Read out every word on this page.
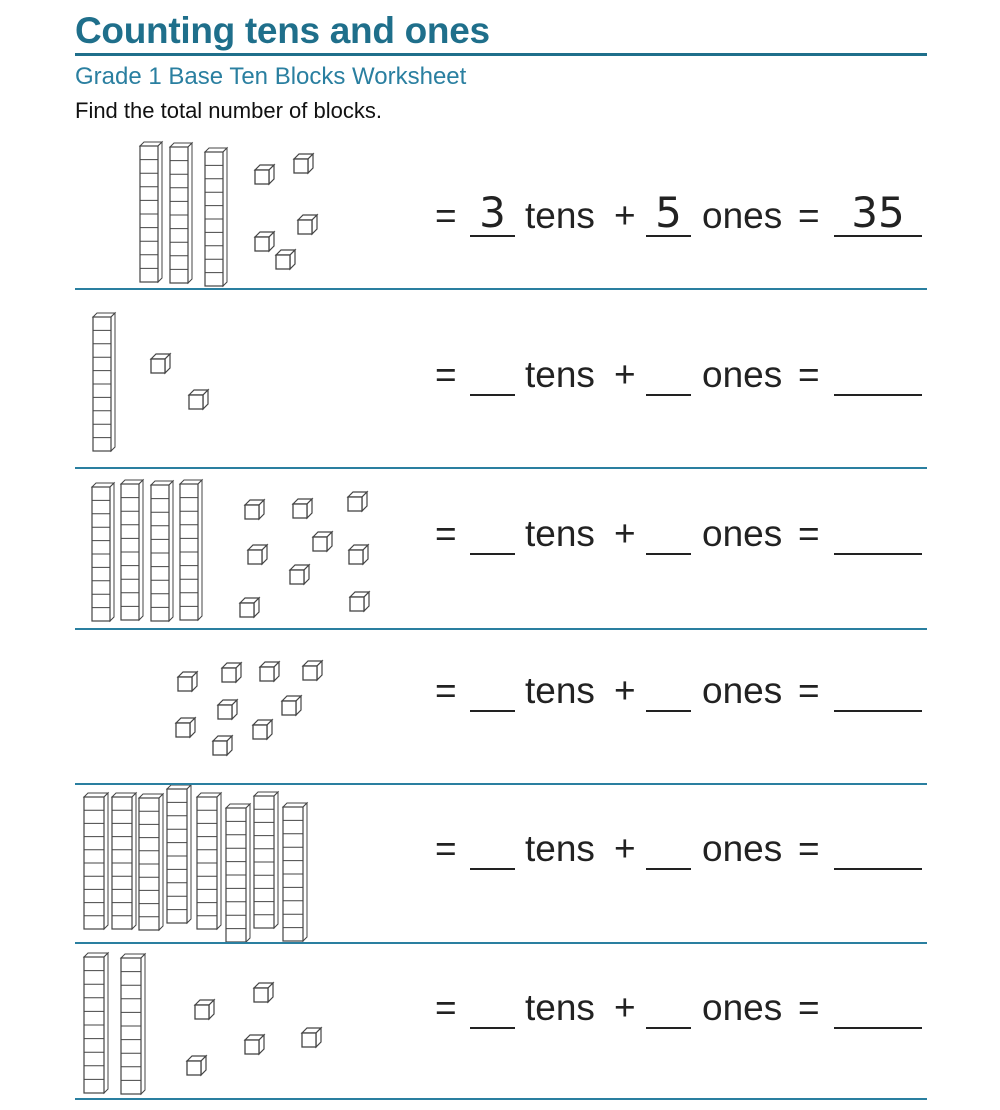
Counting tens and ones
Grade 1 Base Ten Blocks Worksheet
Find the total number of blocks.
= 3 tens + 5 ones = 35
= tens + ones =
= tens + ones =
= tens + ones =
= tens + ones =
= tens + ones =
